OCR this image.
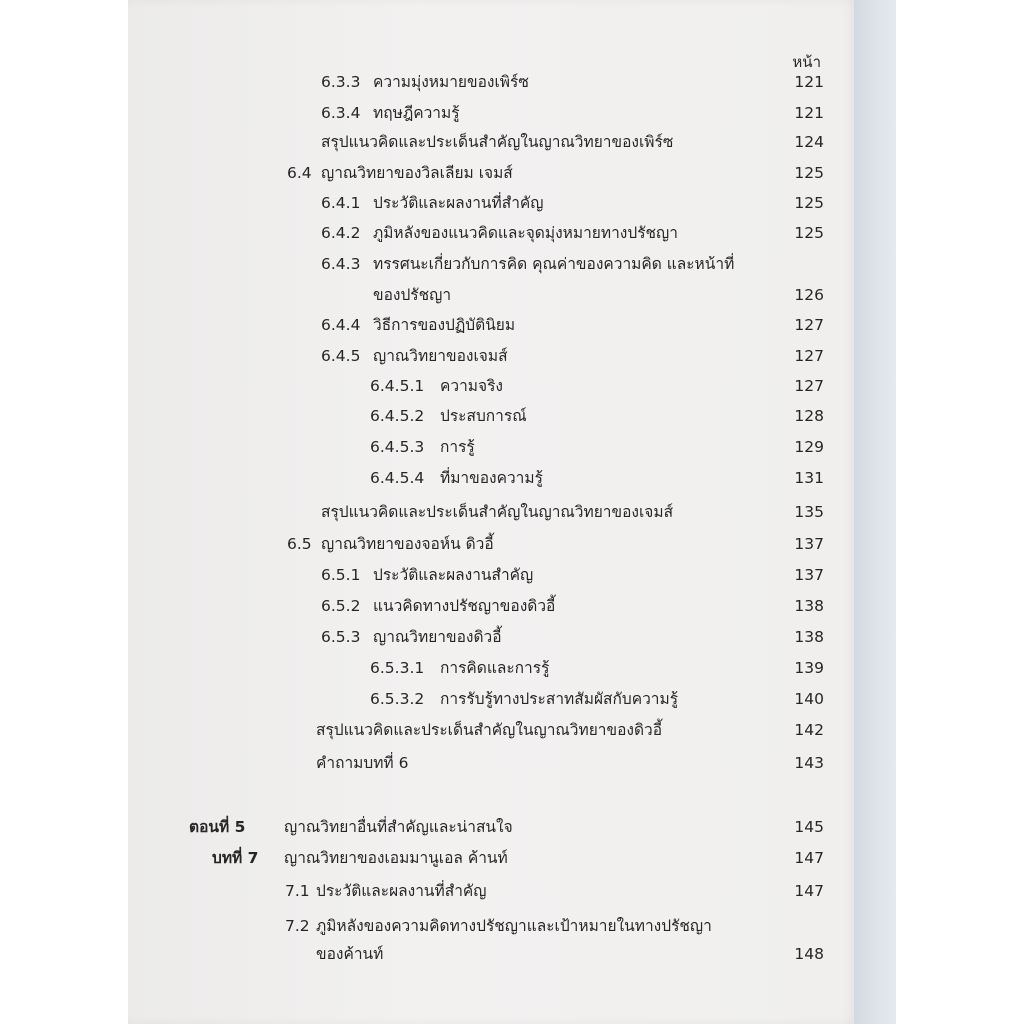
หน้า
6.3.3 ความมุ่งหมายของเพิร์ซ	121
6.3.4 ทฤษฎีความรู้	121
สรุปแนวคิดและประเด็นสำคัญในญาณวิทยาของเพิร์ซ	124
6.4 ญาณวิทยาของวิลเลียม เจมส์	125
6.4.1 ประวัติและผลงานที่สำคัญ	125
6.4.2 ภูมิหลังของแนวคิดและจุดมุ่งหมายทางปรัชญา	125
6.4.3 ทรรศนะเกี่ยวกับการคิด คุณค่าของความคิด และหน้าที่
ของปรัชญา	126
6.4.4 วิธีการของปฏิบัตินิยม	127
6.4.5 ญาณวิทยาของเจมส์	127
6.4.5.1 ความจริง	127
6.4.5.2 ประสบการณ์	128
6.4.5.3 การรู้	129
6.4.5.4 ที่มาของความรู้	131
สรุปแนวคิดและประเด็นสำคัญในญาณวิทยาของเจมส์	135
6.5 ญาณวิทยาของจอห์น ดิวอี้	137
6.5.1 ประวัติและผลงานสำคัญ	137
6.5.2 แนวคิดทางปรัชญาของดิวอี้	138
6.5.3 ญาณวิทยาของดิวอี้	138
6.5.3.1 การคิดและการรู้	139
6.5.3.2 การรับรู้ทางประสาทสัมผัสกับความรู้	140
สรุปแนวคิดและประเด็นสำคัญในญาณวิทยาของดิวอี้	142
คำถามบทที่ 6	143
ตอนที่ 5 ญาณวิทยาอื่นที่สำคัญและน่าสนใจ	145
บทที่ 7 ญาณวิทยาของเอมมานูเอล ค้านท์	147
7.1 ประวัติและผลงานที่สำคัญ	147
7.2 ภูมิหลังของความคิดทางปรัชญาและเป้าหมายในทางปรัชญา
ของค้านท์	148
